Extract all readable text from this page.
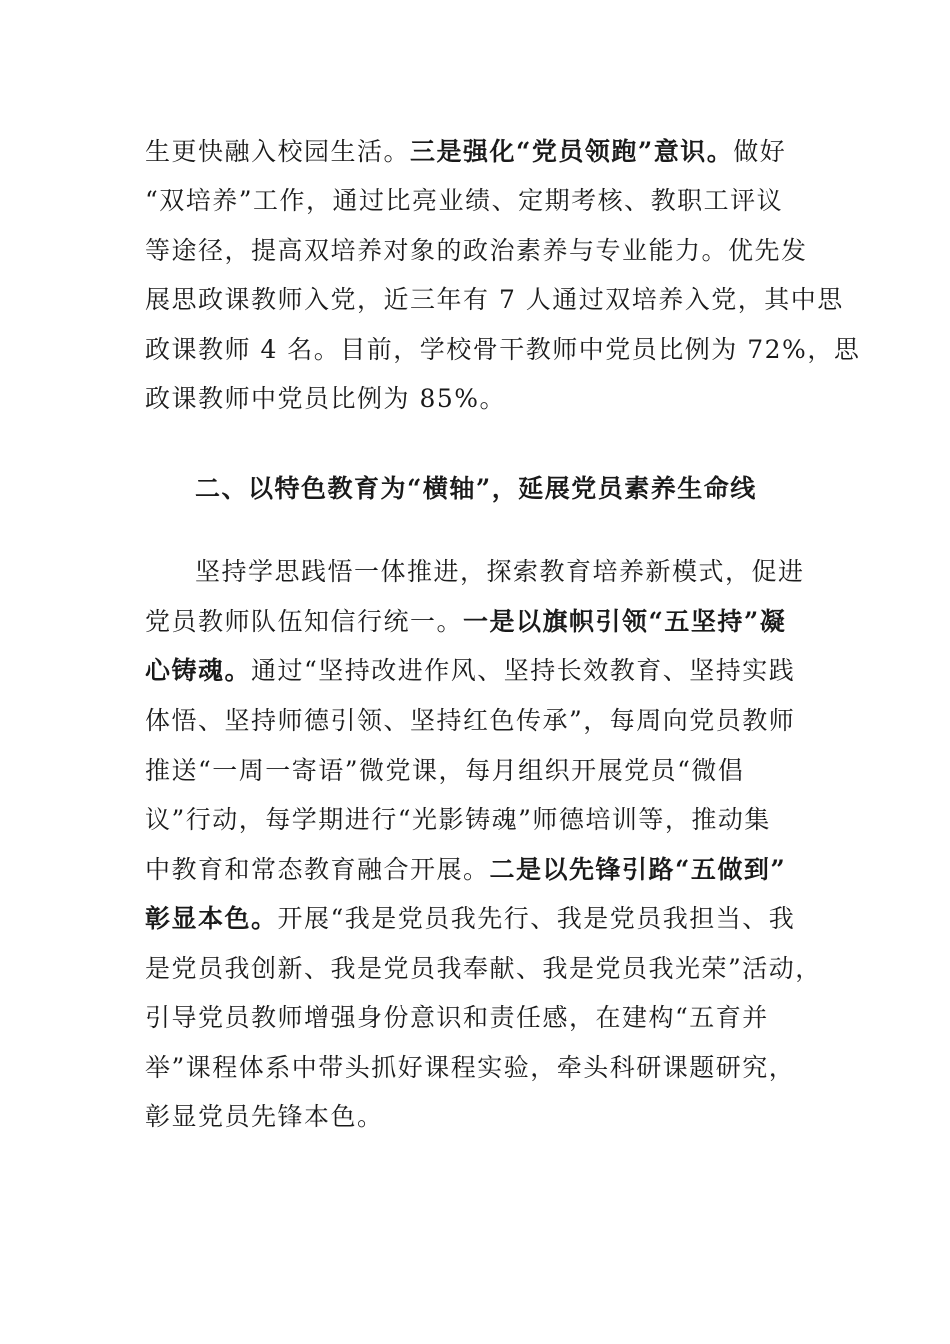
生更快融入校园生活。三是强化“党员领跑”意识。做好
“双培养”工作，通过比亮业绩、定期考核、教职工评议
等途径，提高双培养对象的政治素养与专业能力。优先发
展思政课教师入党，近三年有 7 人通过双培养入党，其中思
政课教师 4 名。目前，学校骨干教师中党员比例为 72%，思
政课教师中党员比例为 85%。
二、以特色教育为“横轴”，延展党员素养生命线
坚持学思践悟一体推进，探索教育培养新模式，促进
党员教师队伍知信行统一。一是以旗帜引领“五坚持”凝
心铸魂。通过“坚持改进作风、坚持长效教育、坚持实践
体悟、坚持师德引领、坚持红色传承”，每周向党员教师
推送“一周一寄语”微党课，每月组织开展党员“微倡
议”行动，每学期进行“光影铸魂”师德培训等，推动集
中教育和常态教育融合开展。二是以先锋引路“五做到”
彰显本色。开展“我是党员我先行、我是党员我担当、我
是党员我创新、我是党员我奉献、我是党员我光荣”活动，
引导党员教师增强身份意识和责任感，在建构“五育并
举”课程体系中带头抓好课程实验，牵头科研课题研究，
彰显党员先锋本色。
